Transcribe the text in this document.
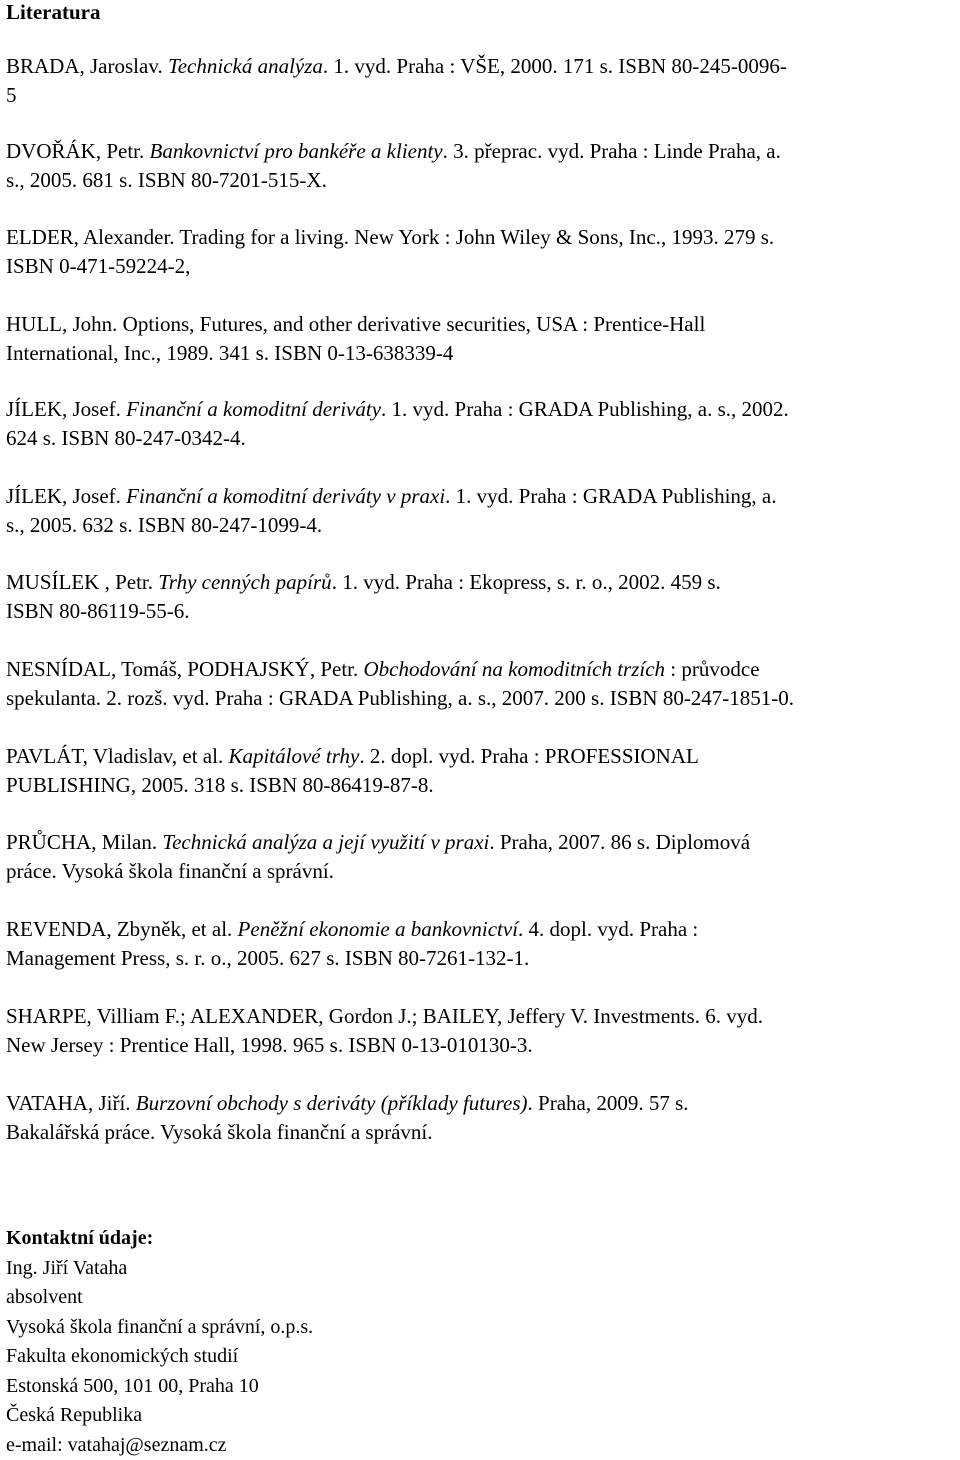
Literatura
BRADA, Jaroslav. Technická analýza. 1. vyd. Praha : VŠE, 2000. 171 s. ISBN 80-245-0096-
5
DVOŘÁK, Petr. Bankovnictví pro bankéře a klienty. 3. přeprac. vyd. Praha : Linde Praha, a.
s., 2005. 681 s. ISBN 80-7201-515-X.
ELDER, Alexander. Trading for a living. New York : John Wiley & Sons, Inc., 1993. 279 s.
ISBN 0-471-59224-2,
HULL, John. Options, Futures, and other derivative securities, USA : Prentice-Hall
International, Inc., 1989. 341 s. ISBN 0-13-638339-4
JÍLEK, Josef. Finanční a komoditní deriváty. 1. vyd. Praha : GRADA Publishing, a. s., 2002.
624 s. ISBN 80-247-0342-4.
JÍLEK, Josef. Finanční a komoditní deriváty v praxi. 1. vyd. Praha : GRADA Publishing, a.
s., 2005. 632 s. ISBN 80-247-1099-4.
MUSÍLEK , Petr. Trhy cenných papírů. 1. vyd. Praha : Ekopress, s. r. o., 2002. 459 s.
ISBN 80-86119-55-6.
NESNÍDAL, Tomáš, PODHAJSKÝ, Petr. Obchodování na komoditních trzích : průvodce
spekulanta. 2. rozš. vyd. Praha : GRADA Publishing, a. s., 2007. 200 s. ISBN 80-247-1851-0.
PAVLÁT, Vladislav, et al. Kapitálové trhy. 2. dopl. vyd. Praha : PROFESSIONAL
PUBLISHING, 2005. 318 s. ISBN 80-86419-87-8.
PRŮCHA, Milan. Technická analýza a její využití v praxi. Praha, 2007. 86 s. Diplomová
práce. Vysoká škola finanční a správní.
REVENDA, Zbyněk, et al. Peněžní ekonomie a bankovnictví. 4. dopl. vyd. Praha :
Management Press, s. r. o., 2005. 627 s. ISBN 80-7261-132-1.
SHARPE, Villiam F.; ALEXANDER, Gordon J.; BAILEY, Jeffery V. Investments. 6. vyd.
New Jersey : Prentice Hall, 1998. 965 s. ISBN 0-13-010130-3.
VATAHA, Jiří. Burzovní obchody s deriváty (příklady futures). Praha, 2009. 57 s.
Bakalářská práce. Vysoká škola finanční a správní.
Kontaktní údaje:
Ing. Jiří Vataha
absolvent
Vysoká škola finanční a správní, o.p.s.
Fakulta ekonomických studií
Estonská 500, 101 00, Praha 10
Česká Republika
e-mail: vatahaj@seznam.cz
